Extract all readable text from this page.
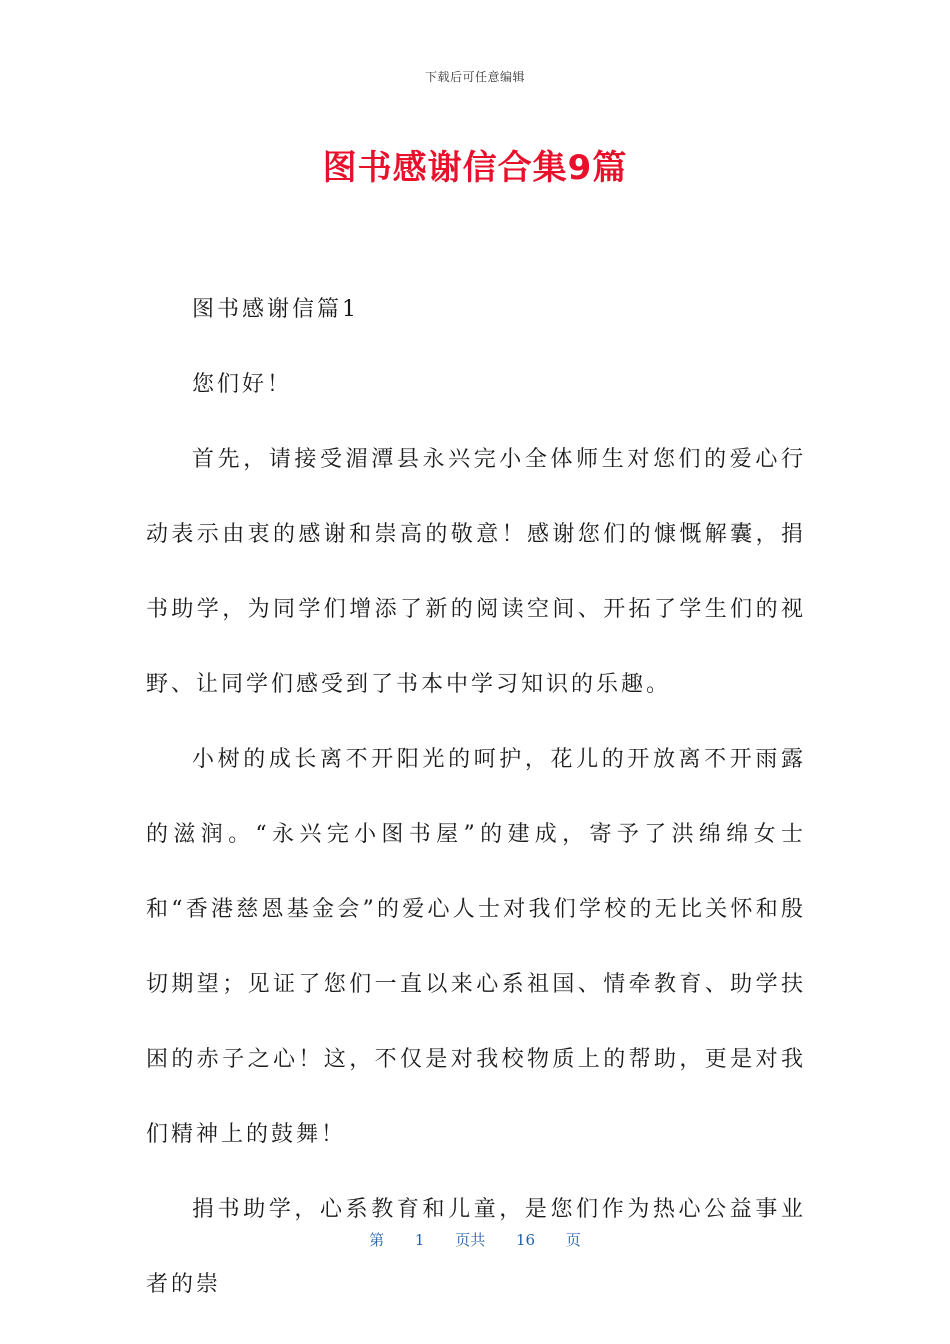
下载后可任意编辑
图书感谢信合集9篇

图书感谢信篇1

您们好！

首先，请接受湄潭县永兴完小全体师生对您们的爱心行动表示由衷的感谢和崇高的敬意！感谢您们的慷慨解囊，捐书助学，为同学们增添了新的阅读空间、开拓了学生们的视野、让同学们感受到了书本中学习知识的乐趣。

小树的成长离不开阳光的呵护，花儿的开放离不开雨露的滋润。“永兴完小图书屋”的建成，寄予了洪绵绵女士和“香港慈恩基金会”的爱心人士对我们学校的无比关怀和殷切期望；见证了您们一直以来心系祖国、情牵教育、助学扶困的赤子之心！这，不仅是对我校物质上的帮助，更是对我们精神上的鼓舞！

捐书助学，心系教育和儿童，是您们作为热心公益事业者的崇

第 1 页共 16 页
